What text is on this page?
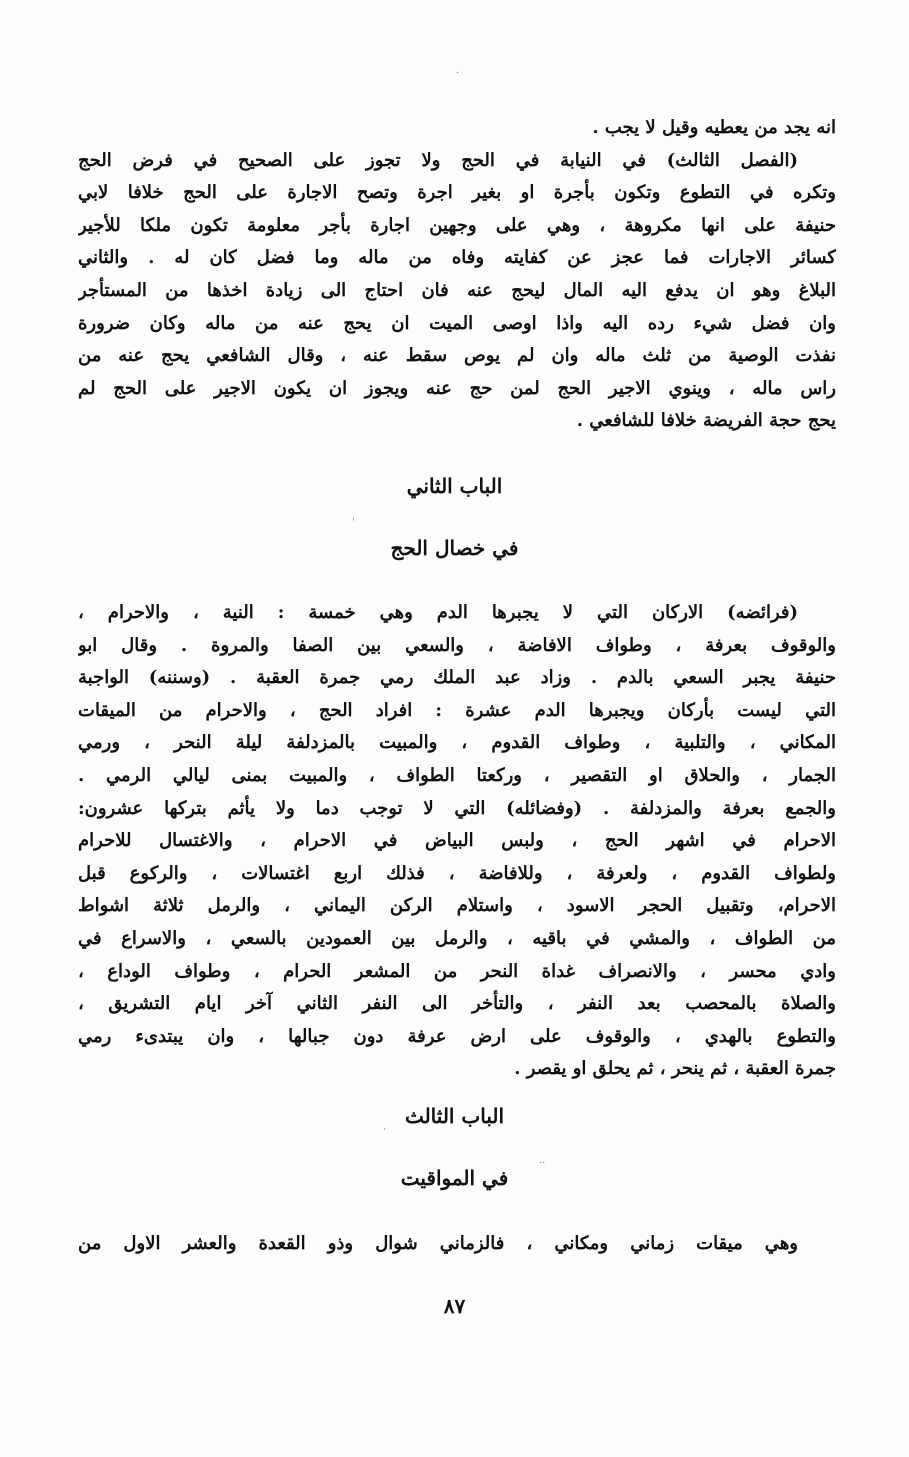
·
ˈ
˙
··
انه يجد من يعطيه وقيل لا يجب .
(الفصل الثالث) في النيابة في الحج ولا تجوز على الصحيح في فرض الحج
وتكره في التطوع وتكون بأجرة او بغير اجرة وتصح الاجارة على الحج خلافا لابي
حنيفة على انها مكروهة ، وهي على وجهين اجارة بأجر معلومة تكون ملكا للأجير
كسائر الاجارات فما عجز عن كفايته وفاه من ماله وما فضل كان له . والثاني
البلاغ وهو ان يدفع اليه المال ليحج عنه فان احتاج الى زيادة اخذها من المستأجر
وان فضل شيء رده اليه واذا اوصى الميت ان يحج عنه من ماله وكان ضرورة
نفذت الوصية من ثلث ماله وان لم يوص سقط عنه ، وقال الشافعي يحج عنه من
راس ماله ، وينوي الاجير الحج لمن حج عنه ويجوز ان يكون الاجير على الحج لم
يحج حجة الفريضة خلافا للشافعي .
الباب الثاني
في خصال الحج
(فرائضه) الاركان التي لا يجبرها الدم وهي خمسة : النية ، والاحرام ،
والوقوف بعرفة ، وطواف الافاضة ، والسعي بين الصفا والمروة . وقال ابو
حنيفة يجبر السعي بالدم . وزاد عبد الملك رمي جمرة العقبة . (وسننه) الواجبة
التي ليست بأركان ويجبرها الدم عشرة : افراد الحج ، والاحرام من الميقات
المكاني ، والتلبية ، وطواف القدوم ، والمبيت بالمزدلفة ليلة النحر ، ورمي
الجمار ، والحلاق او التقصير ، وركعتا الطواف ، والمبيت بمنى ليالي الرمي .
والجمع بعرفة والمزدلفة . (وفضائله) التي لا توجب دما ولا يأثم بتركها عشرون:
الاحرام في اشهر الحج ، ولبس البياض في الاحرام ، والاغتسال للاحرام
ولطواف القدوم ، ولعرفة ، وللافاضة ، فذلك اربع اغتسالات ، والركوع قبل
الاحرام، وتقبيل الحجر الاسود ، واستلام الركن اليماني ، والرمل ثلاثة اشواط
من الطواف ، والمشي في باقيه ، والرمل بين العمودين بالسعي ، والاسراع في
وادي محسر ، والانصراف غداة النحر من المشعر الحرام ، وطواف الوداع ،
والصلاة بالمحصب بعد النفر ، والتأخر الى النفر الثاني آخر ايام التشريق ،
والتطوع بالهدي ، والوقوف على ارض عرفة دون جبالها ، وان يبتدىء رمي
جمرة العقبة ، ثم ينحر ، ثم يحلق او يقصر .
الباب الثالث
في المواقيت
وهي ميقات زماني ومكاني ، فالزماني شوال وذو القعدة والعشر الاول من
٨٧
